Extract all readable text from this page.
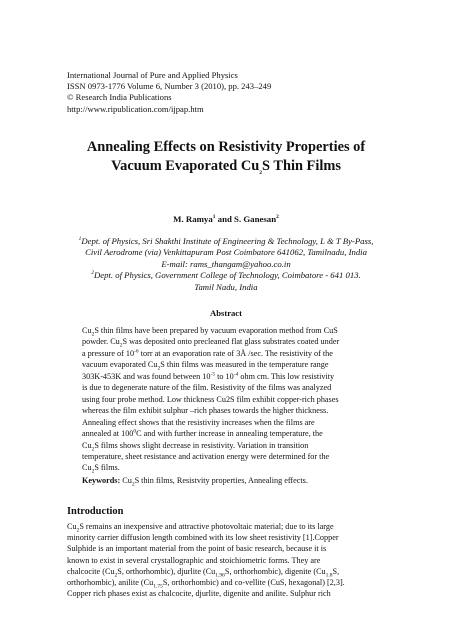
International Journal of Pure and Applied Physics
ISSN 0973-1776 Volume 6, Number 3 (2010), pp. 243–249
© Research India Publications
http://www.ripublication.com/ijpap.htm
Annealing Effects on Resistivity Properties of
Vacuum Evaporated $Cu_2S$ Thin Films
M. Ramya$^1$ and S. Ganesan$^2$
$^1$Dept. of Physics, Sri Shakthi Institute of Engineering & Technology, L & T By-Pass,
Civil Aerodrome (via) Venkittapuram Post Coimbatore 641062, Tamilnadu, India
E-mail: rams_thangam@yahoo.co.in
$^2$Dept. of Physics, Government College of Technology, Coimbatore - 641 013.
Tamil Nadu, India
Abstract
$Cu_2S$ thin films have been prepared by vacuum evaporation method from CuS
powder. $Cu_2S$ was deposited onto precleaned flat glass substrates coated under
a pressure of $10^{-6}$ torr at an evaporation rate of 3Å /sec. The resistivity of the
vacuum evaporated $Cu_2S$ thin films was measured in the temperature range
303K-453K and was found between $10^{-5}$ to $10^{-4}$ ohm cm. This low resistivity
is due to degenerate nature of the film. Resistivity of the films was analyzed
using four probe method. Low thickness Cu2S film exhibit copper-rich phases
whereas the film exhibit sulphur –rich phases towards the higher thickness.
Annealing effect shows that the resistivity increases when the films are
annealed at $100^0C$ and with further increase in annealing temperature, the
$Cu_2S$ films shows slight decrease in resistivity. Variation in transition
temperature, sheet resistance and activation energy were determined for the
$Cu_2S$ films.
Keywords: $Cu_2S$ thin films, Resistvity properties, Annealing effects.
Introduction
$Cu_2S$ remains an inexpensive and attractive photovoltaic material; due to its large
minority carrier diffusion length combined with its low sheet resistivity [1].Copper
Sulphide is an important material from the point of basic research, because it is
known to exist in several crystallographic and stoichiometric forms. They are
chalcocite ($Cu_2S$, orthorhombic), djurlite ($Cu_{1.96}S$, orthorhombic), digenite ($Cu_{1.8}S$,
orthorhombic), anilite ($Cu_{1.75}S$, orthorhombic) and co-vellite (CuS, hexagonal) [2,3].
Copper rich phases exist as chalcocite, djurlite, digenite and anilite. Sulphur rich
